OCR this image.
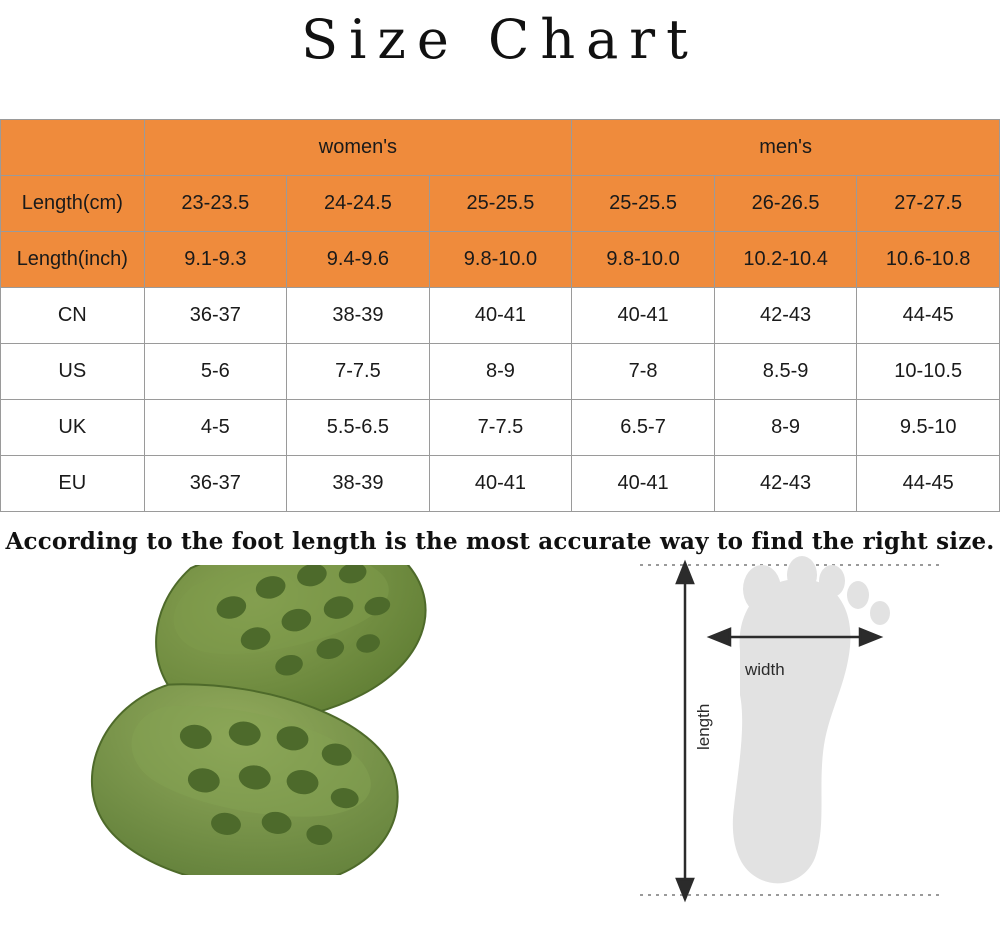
Size Chart
	women's			men's		
Length(cm)	23-23.5	24-24.5	25-25.5	25-25.5	26-26.5	27-27.5
Length(inch)	9.1-9.3	9.4-9.6	9.8-10.0	9.8-10.0	10.2-10.4	10.6-10.8
CN	36-37	38-39	40-41	40-41	42-43	44-45
US	5-6	7-7.5	8-9	7-8	8.5-9	10-10.5
UK	4-5	5.5-6.5	7-7.5	6.5-7	8-9	9.5-10
EU	36-37	38-39	40-41	40-41	42-43	44-45
According to the foot length is the most accurate way to find the right size.
width
length
